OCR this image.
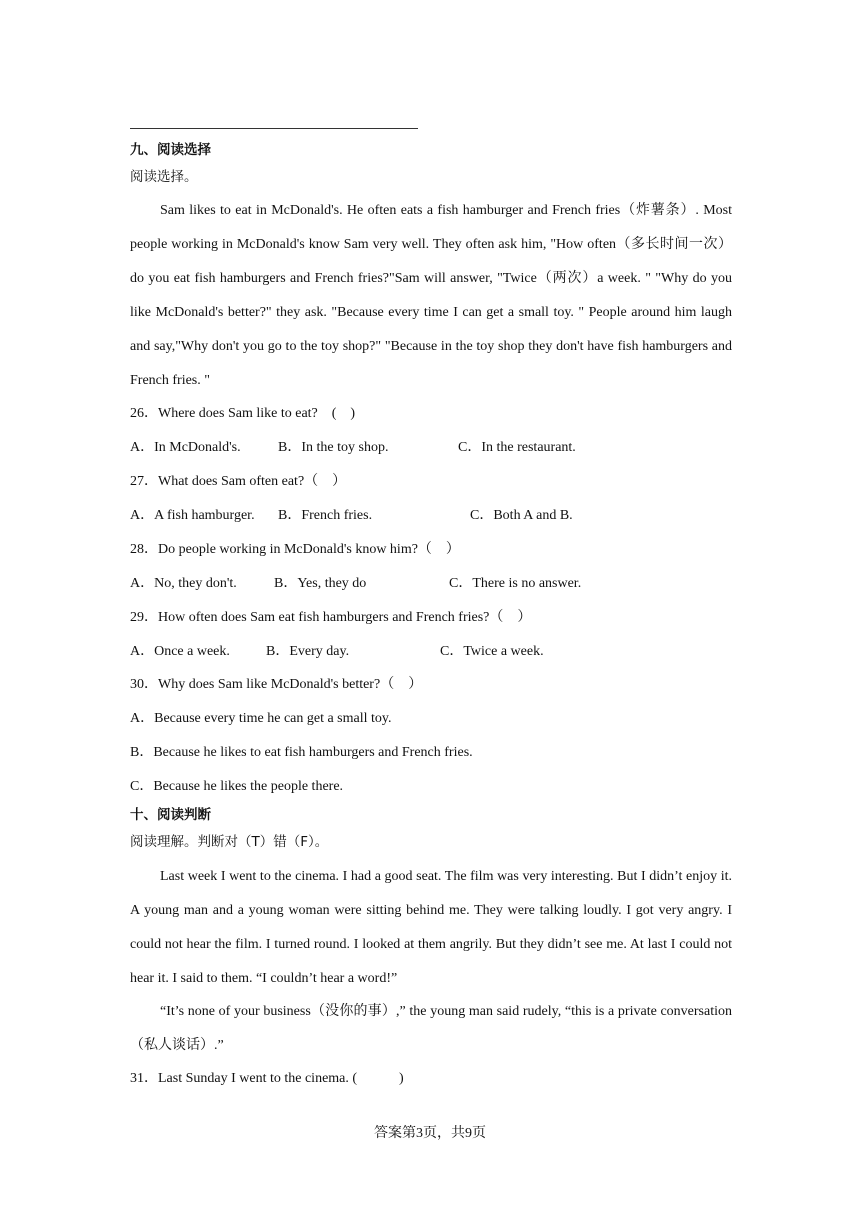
九、阅读选择
阅读选择。
Sam likes to eat in McDonald's. He often eats a fish hamburger and French fries（炸薯条）. Most people working in McDonald's know Sam very well. They often ask him, "How often（多长时间一次）do you eat fish hamburgers and French fries?"Sam will answer, "Twice（两次）a week. " "Why do you like McDonald's better?" they ask. "Because every time I can get a small toy. " People around him laugh and say,"Why don't you go to the toy shop?" "Because in the toy shop they don't have fish hamburgers and French fries. "
26．Where does Sam like to eat?　(　)
A．In McDonald's.	B．In the toy shop.	C．In the restaurant.
27．What does Sam often eat?（　）
A．A fish hamburger. B．French fries.	C．Both A and B.
28．Do people working in McDonald's know him?（　）
A．No, they don't.	B．Yes, they do	C．There is no answer.
29．How often does Sam eat fish hamburgers and French fries?（　）
A．Once a week.	B．Every day.	C．Twice a week.
30．Why does Sam like McDonald's better?（　）
A．Because every time he can get a small toy.
B．Because he likes to eat fish hamburgers and French fries.
C．Because he likes the people there.
十、阅读判断
阅读理解。判断对（T）错（F）。
Last week I went to the cinema. I had a good seat. The film was very interesting. But I didn’t enjoy it. A young man and a young woman were sitting behind me. They were talking loudly. I got very angry. I could not hear the film. I turned round. I looked at them angrily. But they didn’t see me. At last I could not hear it. I said to them. “I couldn’t hear a word!”
“It’s none of your business（没你的事）,” the young man said rudely, “this is a private conversation（私人谈话）.”
31．Last Sunday I went to the cinema. (　　　)
答案第3页，共9页
